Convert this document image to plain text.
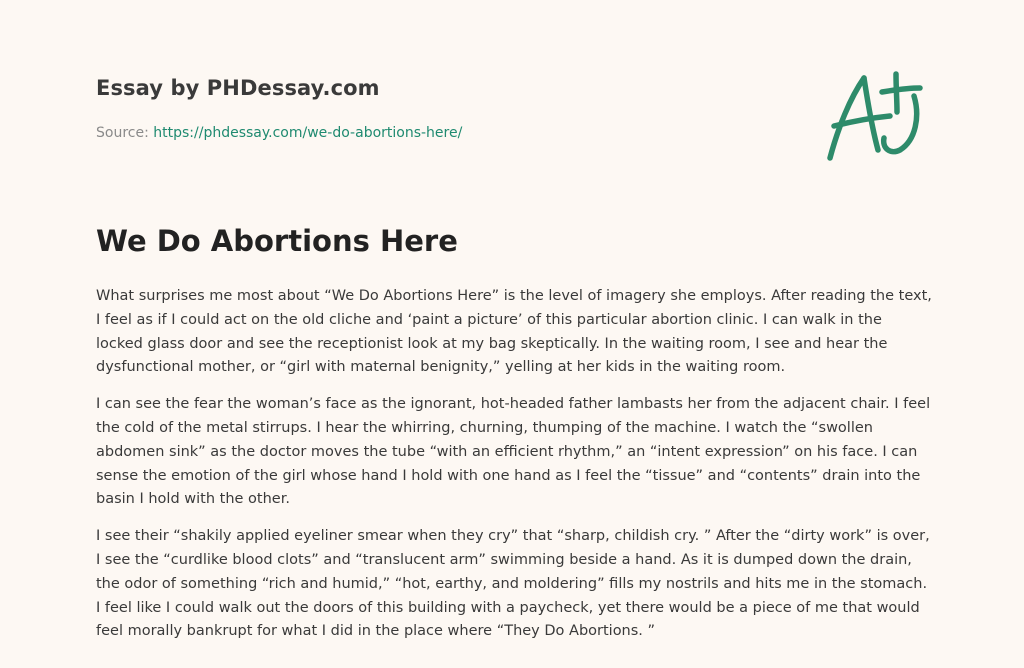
Essay by PHDessay.com
Source: https://phdessay.com/we-do-abortions-here/
We Do Abortions Here

What surprises me most about “We Do Abortions Here” is the level of imagery she employs. After reading the text, I feel as if I could act on the old cliche and ‘paint a picture’ of this particular abortion clinic. I can walk in the locked glass door and see the receptionist look at my bag skeptically. In the waiting room, I see and hear the dysfunctional mother, or “girl with maternal benignity,” yelling at her kids in the waiting room.

I can see the fear the woman’s face as the ignorant, hot-headed father lambasts her from the adjacent chair. I feel the cold of the metal stirrups. I hear the whirring, churning, thumping of the machine. I watch the “swollen abdomen sink” as the doctor moves the tube “with an efficient rhythm,” an “intent expression” on his face. I can sense the emotion of the girl whose hand I hold with one hand as I feel the “tissue” and “contents” drain into the basin I hold with the other.

I see their “shakily applied eyeliner smear when they cry” that “sharp, childish cry. ” After the “dirty work” is over, I see the “curdlike blood clots” and “translucent arm” swimming beside a hand. As it is dumped down the drain, the odor of something “rich and humid,” “hot, earthy, and moldering” fills my nostrils and hits me in the stomach. I feel like I could walk out the doors of this building with a paycheck, yet there would be a piece of me that would feel morally bankrupt for what I did in the place where “They Do Abortions. ”
